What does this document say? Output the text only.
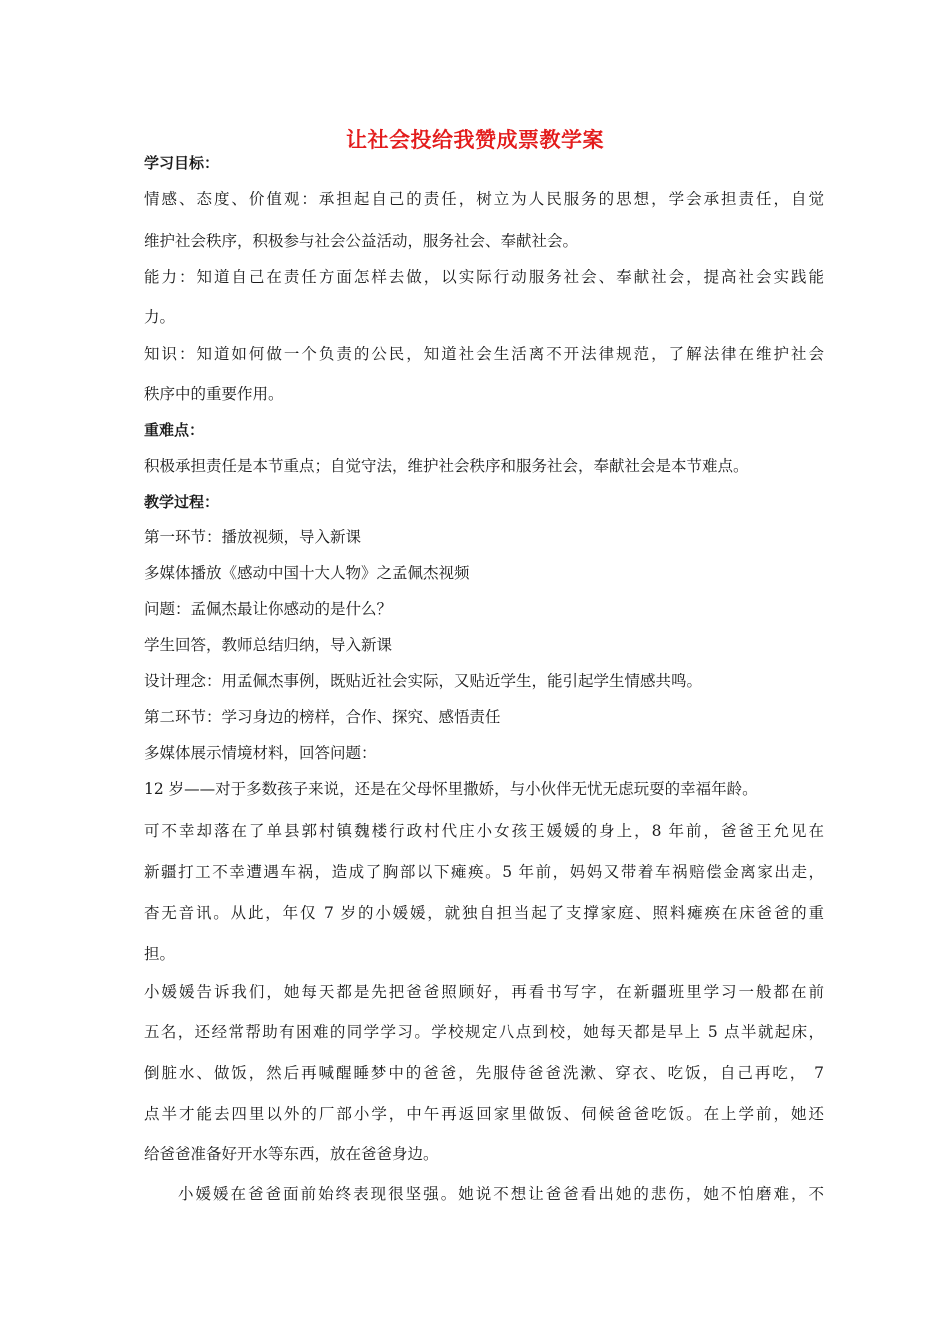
让社会投给我赞成票教学案
学习目标：
情感、态度、价值观：承担起自己的责任，树立为人民服务的思想，学会承担责任，自觉
维护社会秩序，积极参与社会公益活动，服务社会、奉献社会。
能力：知道自己在责任方面怎样去做，以实际行动服务社会、奉献社会，提高社会实践能
力。
知识：知道如何做一个负责的公民，知道社会生活离不开法律规范，了解法律在维护社会
秩序中的重要作用。
重难点：
积极承担责任是本节重点；自觉守法，维护社会秩序和服务社会，奉献社会是本节难点。
教学过程：
第一环节：播放视频，导入新课
多媒体播放《感动中国十大人物》之孟佩杰视频
问题：孟佩杰最让你感动的是什么？
学生回答，教师总结归纳，导入新课
设计理念：用孟佩杰事例，既贴近社会实际，又贴近学生，能引起学生情感共鸣。
第二环节：学习身边的榜样，合作、探究、感悟责任
多媒体展示情境材料，回答问题：
12 岁——对于多数孩子来说，还是在父母怀里撒娇，与小伙伴无忧无虑玩耍的幸福年龄。
可不幸却落在了单县郭村镇魏楼行政村代庄小女孩王媛媛的身上，8 年前，爸爸王允见在
新疆打工不幸遭遇车祸，造成了胸部以下瘫痪。5 年前，妈妈又带着车祸赔偿金离家出走，
杳无音讯。从此，年仅 7 岁的小媛媛，就独自担当起了支撑家庭、照料瘫痪在床爸爸的重
担。
小媛媛告诉我们，她每天都是先把爸爸照顾好，再看书写字，在新疆班里学习一般都在前
五名，还经常帮助有困难的同学学习。学校规定八点到校，她每天都是早上 5 点半就起床，
倒脏水、做饭，然后再喊醒睡梦中的爸爸，先服侍爸爸洗漱、穿衣、吃饭，自己再吃， 7
点半才能去四里以外的厂部小学，中午再返回家里做饭、伺候爸爸吃饭。在上学前，她还
给爸爸准备好开水等东西，放在爸爸身边。
小媛媛在爸爸面前始终表现很坚强。她说不想让爸爸看出她的悲伤，她不怕磨难，不
